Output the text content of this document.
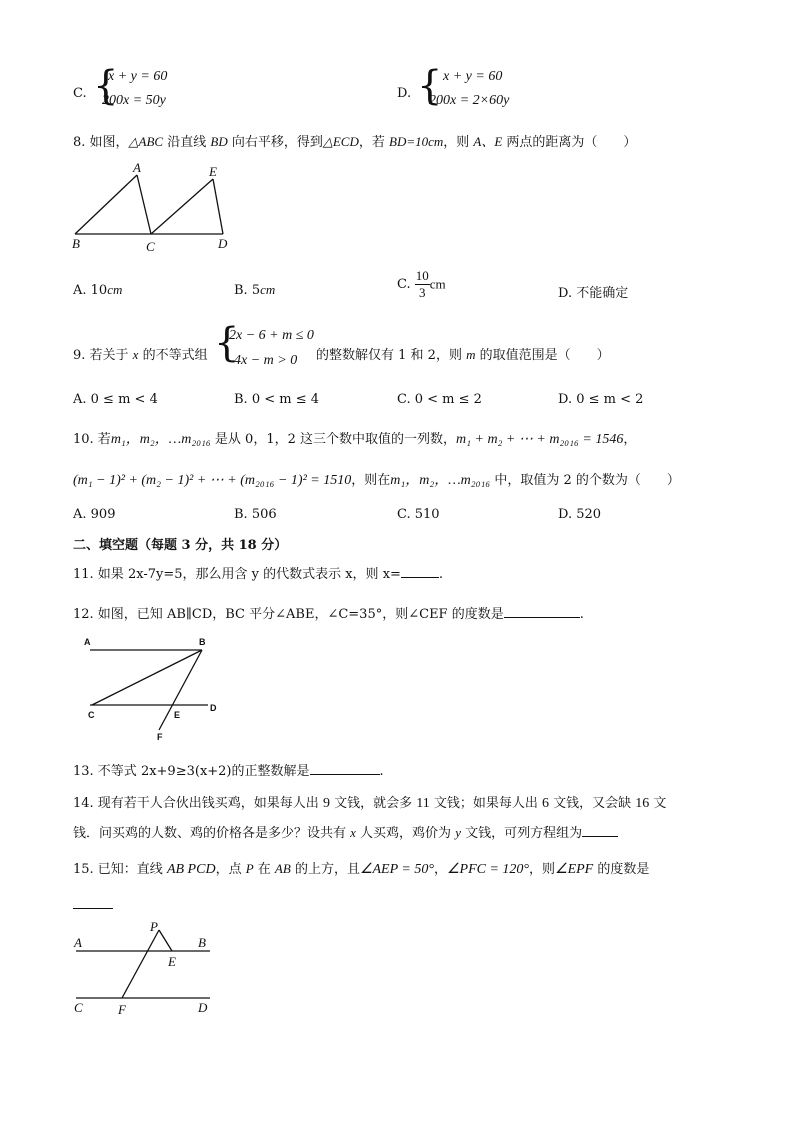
C. {
x + y = 60
200x = 50y	D. { x + y = 60
200x = 2×60y
8. 如图，△ABC 沿直线 BD 向右平移，得到△ECD，若 BD=10cm，则 A、E 两点的距离为（　　）
A	E
B	C	D
A. 10cm	B. 5cm	C. $\frac{10}{3}$ cm
D. 不能确定
9. 若关于 x 的不等式组 {
2x − 6 + m ≤ 0
4x − m > 0 的整数解仅有 1 和 2，则 m 的取值范围是（　　）
A. 0 ≤ m < 4	B. 0 < m ≤ 4	C. 0 < m ≤ 2	D. 0 ≤ m < 2
10. 若m₁，m₂，…m₂₀₁₆ 是从 0，1，2 这三个数中取值的一列数，m₁ + m₂ + ⋯ + m₂₀₁₆ = 1546，
(m₁ − 1)² + (m₂ − 1)² + ⋯ + (m₂₀₁₆ − 1)² = 1510，则在m₁，m₂，…m₂₀₁₆ 中，取值为 2 的个数为（　　）
A. 909	B. 506	C. 510	D. 520
二、填空题（每题 3 分，共 18 分）
11. 如果 2x-7y=5，那么用含 y 的代数式表示 x，则 x=	.
12. 如图，已知 AB∥CD，BC 平分∠ABE，∠C=35°，则∠CEF 的度数是	.
A	B
C	E
D
F
13. 不等式 2x+9≥3(x+2)的正整数解是	.
14. 现有若干人合伙出钱买鸡，如果每人出 9 文钱，就会多 11 文钱；如果每人出 6 文钱，又会缺 16 文
钱．问买鸡的人数、鸡的价格各是多少？设共有 x 人买鸡，鸡价为 y 文钱，可列方程组为
15. 已知：直线 AB PCD，点 P 在 AB 的上方，且∠AEP = 50°，∠PFC = 120°，则∠EPF 的度数是
P
A	B
E
C	F	D
